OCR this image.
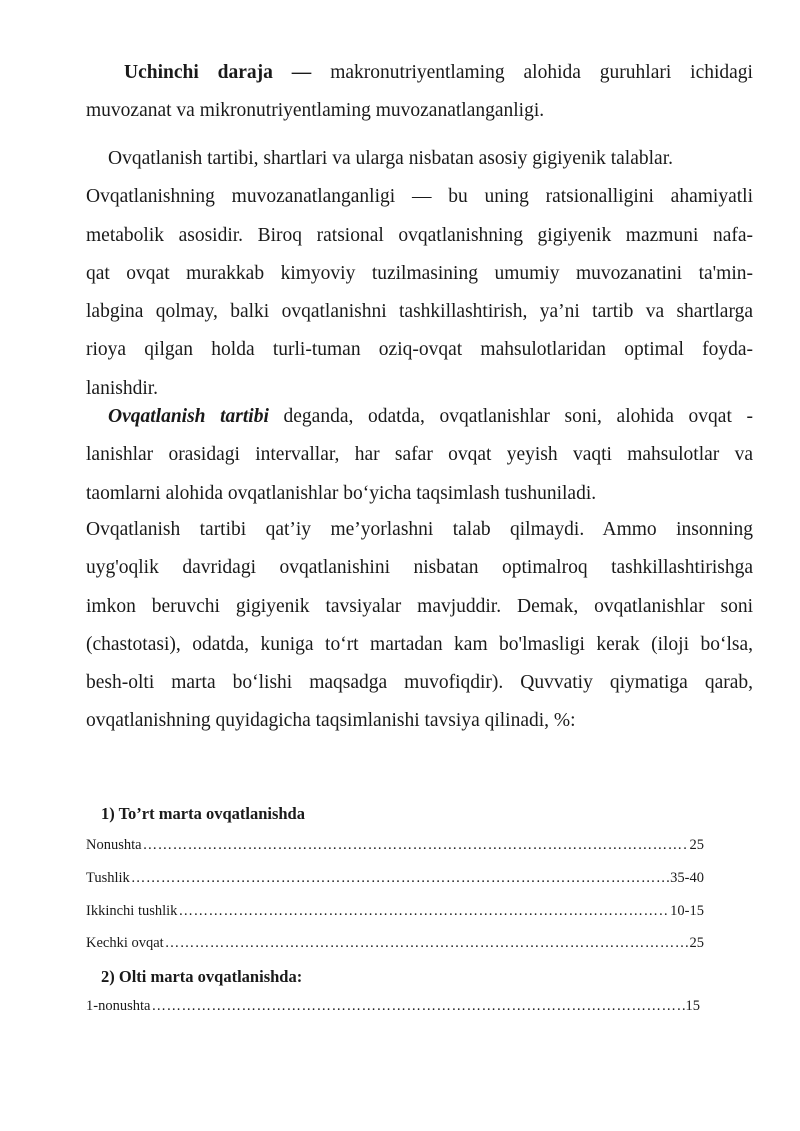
Uchinchi daraja — makronutriyentlaming alohida guruhlari ichidagi
muvozanat va mikronutriyentlaming muvozanatlanganligi.
Ovqatlanish tartibi, shartlari va ularga nisbatan asosiy gigiyenik talablar.
Ovqatlanishning muvozanatlanganligi — bu uning ratsionalligini ahamiyatli
metabolik asosidir. Biroq ratsional ovqatlanishning gigiyenik mazmuni nafa-
qat ovqat murakkab kimyoviy tuzilmasining umumiy muvozanatini ta'min-
labgina qolmay, balki ovqatlanishni tashkillashtirish, ya’ni tartib va shartlarga
rioya qilgan holda turli-tuman oziq-ovqat mahsulotlaridan optimal foyda-
lanishdir.
Ovqatlanish tartibi deganda, odatda, ovqatlanishlar soni, alohida ovqat -
lanishlar orasidagi intervallar, har safar ovqat yeyish vaqti mahsulotlar va
taomlarni alohida ovqatlanishlar bo‘yicha taqsimlash tushuniladi.
Ovqatlanish tartibi qat’iy me’yorlashni talab qilmaydi. Ammo insonning
uyg'oqlik davridagi ovqatlanishini nisbatan optimalroq tashkillashtirishga
imkon beruvchi gigiyenik tavsiyalar mavjuddir. Demak, ovqatlanishlar soni
(chastotasi), odatda, kuniga to‘rt martadan kam bo'lmasligi kerak (iloji bo‘lsa,
besh-olti marta bo‘lishi maqsadga muvofiqdir). Quvvatiy qiymatiga qarab,
ovqatlanishning quyidagicha taqsimlanishi tavsiya qilinadi, %:
1) To’rt marta ovqatlanishda
Nonushta …………………………………………………………………………………………………………………………	25
Tushlik …………………………………………………………………………………………………………………………	35-40
Ikkinchi tushlik …………………………………………………………………………………………………………………………	10-15
Kechki ovqat …………………………………………………………………………………………………………………………	25
2) Olti marta ovqatlanishda:
1-nonushta …………………………………………………………………………………………………………………………	15
